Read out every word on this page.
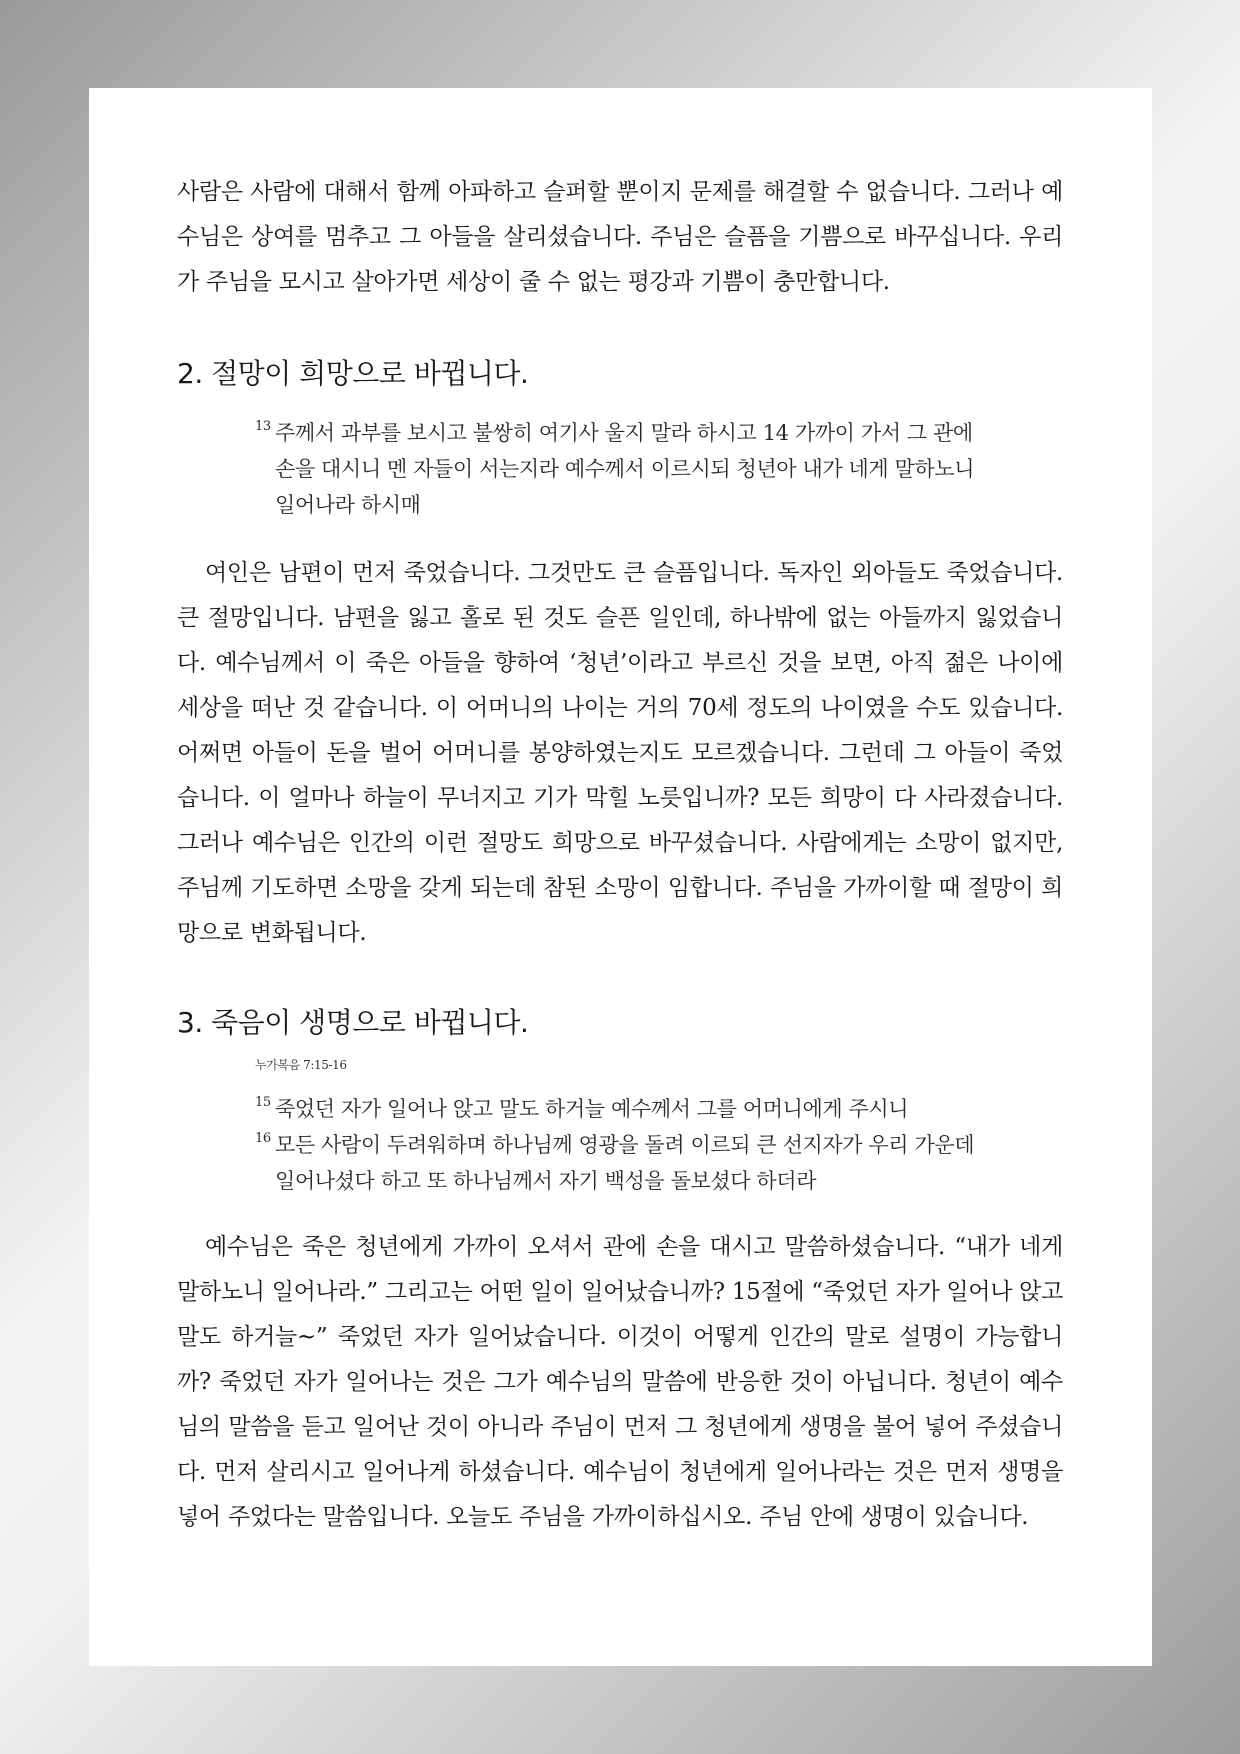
사람은 사람에 대해서 함께 아파하고 슬퍼할 뿐이지 문제를 해결할 수 없습니다. 그러나 예수님은 상여를 멈추고 그 아들을 살리셨습니다. 주님은 슬픔을 기쁨으로 바꾸십니다. 우리가 주님을 모시고 살아가면 세상이 줄 수 없는 평강과 기쁨이 충만합니다.

2. 절망이 희망으로 바뀝니다.
13 주께서 과부를 보시고 불쌍히 여기사 울지 말라 하시고 14 가까이 가서 그 관에 손을 대시니 멘 자들이 서는지라 예수께서 이르시되 청년아 내가 네게 말하노니 일어나라 하시매

여인은 남편이 먼저 죽었습니다. 그것만도 큰 슬픔입니다. 독자인 외아들도 죽었습니다. 큰 절망입니다. 남편을 잃고 홀로 된 것도 슬픈 일인데, 하나밖에 없는 아들까지 잃었습니다. 예수님께서 이 죽은 아들을 향하여 ‘청년’이라고 부르신 것을 보면, 아직 젊은 나이에 세상을 떠난 것 같습니다. 이 어머니의 나이는 거의 70세 정도의 나이였을 수도 있습니다. 어쩌면 아들이 돈을 벌어 어머니를 봉양하였는지도 모르겠습니다. 그런데 그 아들이 죽었습니다. 이 얼마나 하늘이 무너지고 기가 막힐 노릇입니까? 모든 희망이 다 사라졌습니다. 그러나 예수님은 인간의 이런 절망도 희망으로 바꾸셨습니다. 사람에게는 소망이 없지만, 주님께 기도하면 소망을 갖게 되는데 참된 소망이 임합니다. 주님을 가까이할 때 절망이 희망으로 변화됩니다.

3. 죽음이 생명으로 바뀝니다.
누가복음 7:15-16
15 죽었던 자가 일어나 앉고 말도 하거늘 예수께서 그를 어머니에게 주시니
16 모든 사람이 두려워하며 하나님께 영광을 돌려 이르되 큰 선지자가 우리 가운데 일어나셨다 하고 또 하나님께서 자기 백성을 돌보셨다 하더라

예수님은 죽은 청년에게 가까이 오셔서 관에 손을 대시고 말씀하셨습니다. “내가 네게 말하노니 일어나라.” 그리고는 어떤 일이 일어났습니까? 15절에 “죽었던 자가 일어나 앉고 말도 하거늘~” 죽었던 자가 일어났습니다. 이것이 어떻게 인간의 말로 설명이 가능합니까? 죽었던 자가 일어나는 것은 그가 예수님의 말씀에 반응한 것이 아닙니다. 청년이 예수님의 말씀을 듣고 일어난 것이 아니라 주님이 먼저 그 청년에게 생명을 불어 넣어 주셨습니다. 먼저 살리시고 일어나게 하셨습니다. 예수님이 청년에게 일어나라는 것은 먼저 생명을 넣어 주었다는 말씀입니다. 오늘도 주님을 가까이하십시오. 주님 안에 생명이 있습니다.
